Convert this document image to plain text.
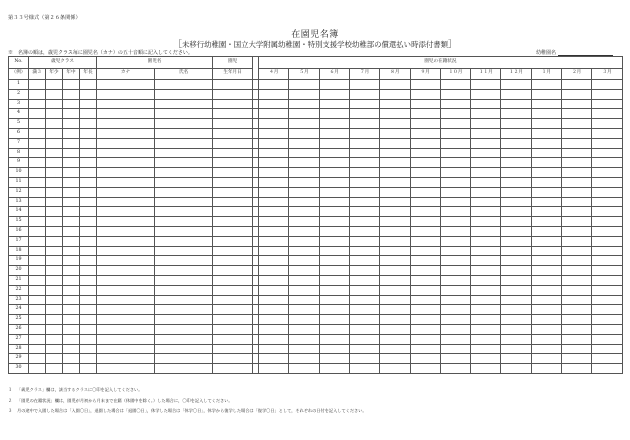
第３３号様式（第２６条関係）
在園児名簿
［未移行幼稚園・国立大学附属幼稚園・特別支援学校幼稚部の償還払い時添付書類］
※　名簿の順は，歳児クラス毎に園児名（カナ）の五十音順に記入してください。	幼稚園名
No.	歳児クラス				園児名		園児		園児の在籍状況											
（例）	満３	年少	年中	年長	カナ	氏名	生年月日		４月	５月	６月	７月	８月	９月	１０月	１１月	１２月	１月	２月	３月
1																				
2																				
3																				
4																				
5																				
6																				
7																				
8																				
9																				
10																				
11																				
12																				
13																				
14																				
15																				
16																				
17																				
18																				
19																				
20																				
21																				
22																				
23																				
24																				
25																				
26																				
27																				
28																				
29																				
30																				
１ 「歳児クラス」欄は，該当するクラスに〇印を記入してください。
２ 「園児の在籍状況」欄は，園児が月初から月末まで在籍（休園中を除く。）した場合に，〇印を記入してください。
３ 月の途中で入園した場合は「入園〇日」，退園した場合は「退園〇日」，休学した場合は「休学〇日」，休学から復学した場合は「復学〇日」として，それぞれの日付を記入してください。
